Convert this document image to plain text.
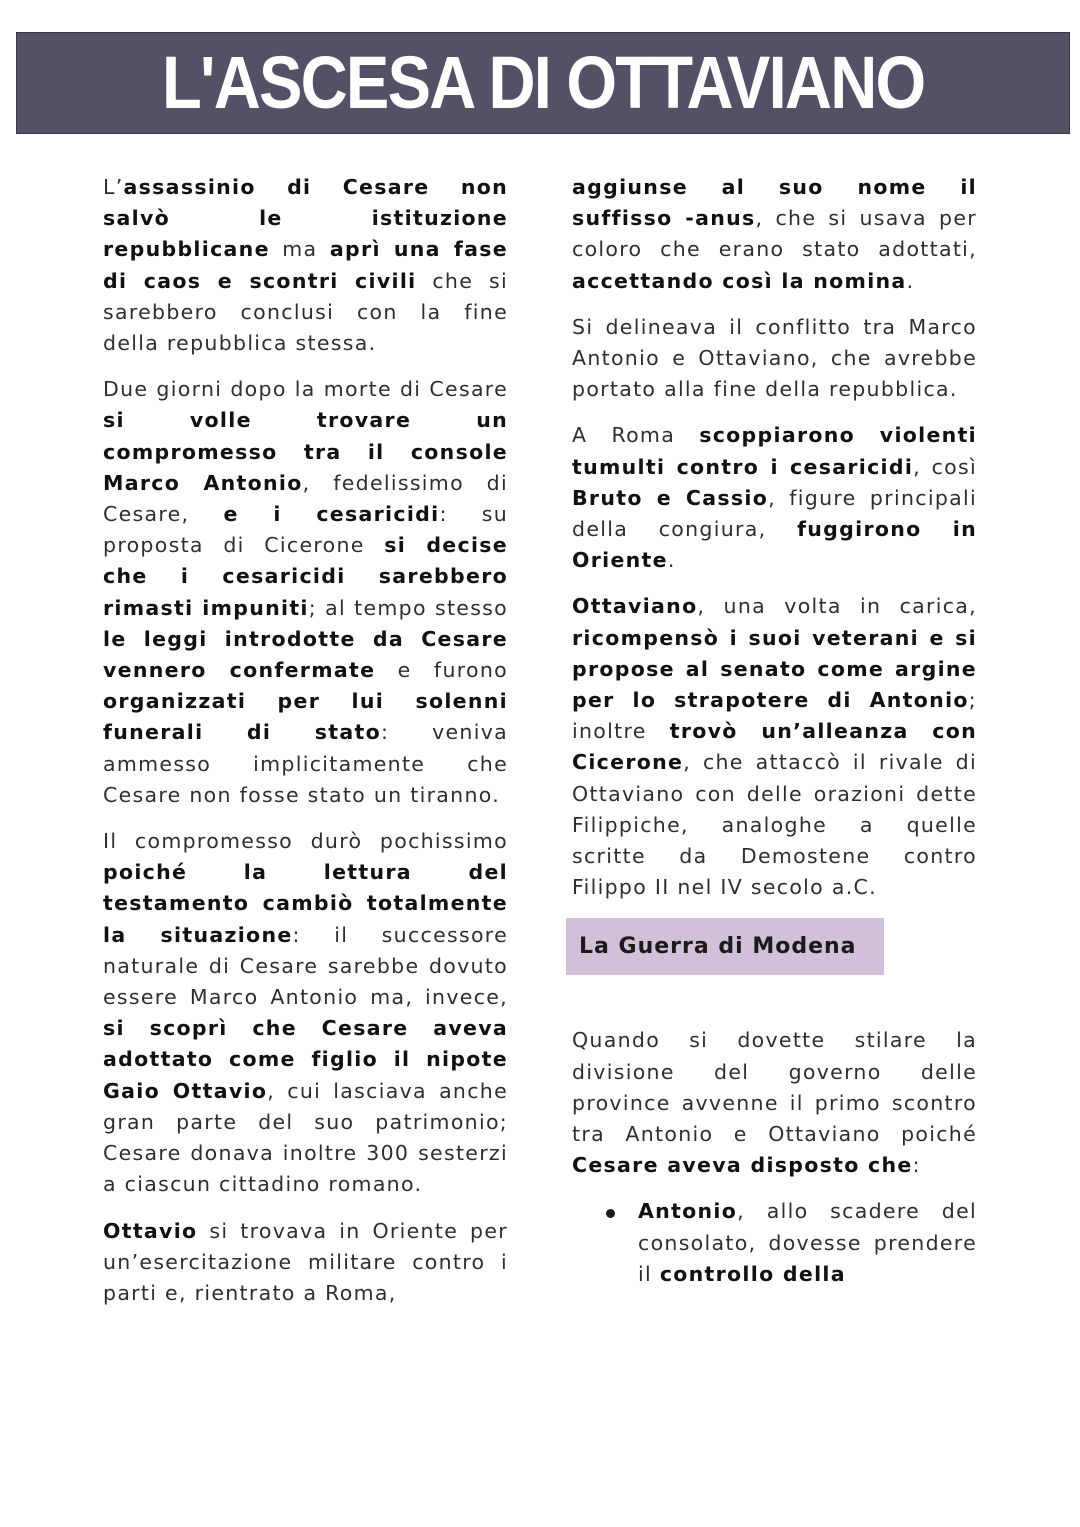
L'ASCESA DI OTTAVIANO

L’assassinio di Cesare non salvò le istituzione repubblicane ma aprì una fase di caos e scontri civili che si sarebbero conclusi con la fine della repubblica stessa.

Due giorni dopo la morte di Cesare si volle trovare un compromesso tra il console Marco Antonio, fedelissimo di Cesare, e i cesaricidi: su proposta di Cicerone si decise che i cesaricidi sarebbero rimasti impuniti; al tempo stesso le leggi introdotte da Cesare vennero confermate e furono organizzati per lui solenni funerali di stato: veniva ammesso implicitamente che Cesare non fosse stato un tiranno.

Il compromesso durò pochissimo poiché la lettura del testamento cambiò totalmente la situazione: il successore naturale di Cesare sarebbe dovuto essere Marco Antonio ma, invece, si scoprì che Cesare aveva adottato come figlio il nipote Gaio Ottavio, cui lasciava anche gran parte del suo patrimonio; Cesare donava inoltre 300 sesterzi a ciascun cittadino romano.

Ottavio si trovava in Oriente per un’esercitazione militare contro i parti e, rientrato a Roma,

aggiunse al suo nome il suffisso -anus, che si usava per coloro che erano stato adottati, accettando così la nomina.

Si delineava il conflitto tra Marco Antonio e Ottaviano, che avrebbe portato alla fine della repubblica.

A Roma scoppiarono violenti tumulti contro i cesaricidi, così Bruto e Cassio, figure principali della congiura, fuggirono in Oriente.

Ottaviano, una volta in carica, ricompensò i suoi veterani e si propose al senato come argine per lo strapotere di Antonio; inoltre trovò un’alleanza con Cicerone, che attaccò il rivale di Ottaviano con delle orazioni dette Filippiche, analoghe a quelle scritte da Demostene contro Filippo II nel IV secolo a.C.

La Guerra di Modena

Quando si dovette stilare la divisione del governo delle province avvenne il primo scontro tra Antonio e Ottaviano poiché Cesare aveva disposto che:

Antonio, allo scadere del consolato, dovesse prendere il controllo della
